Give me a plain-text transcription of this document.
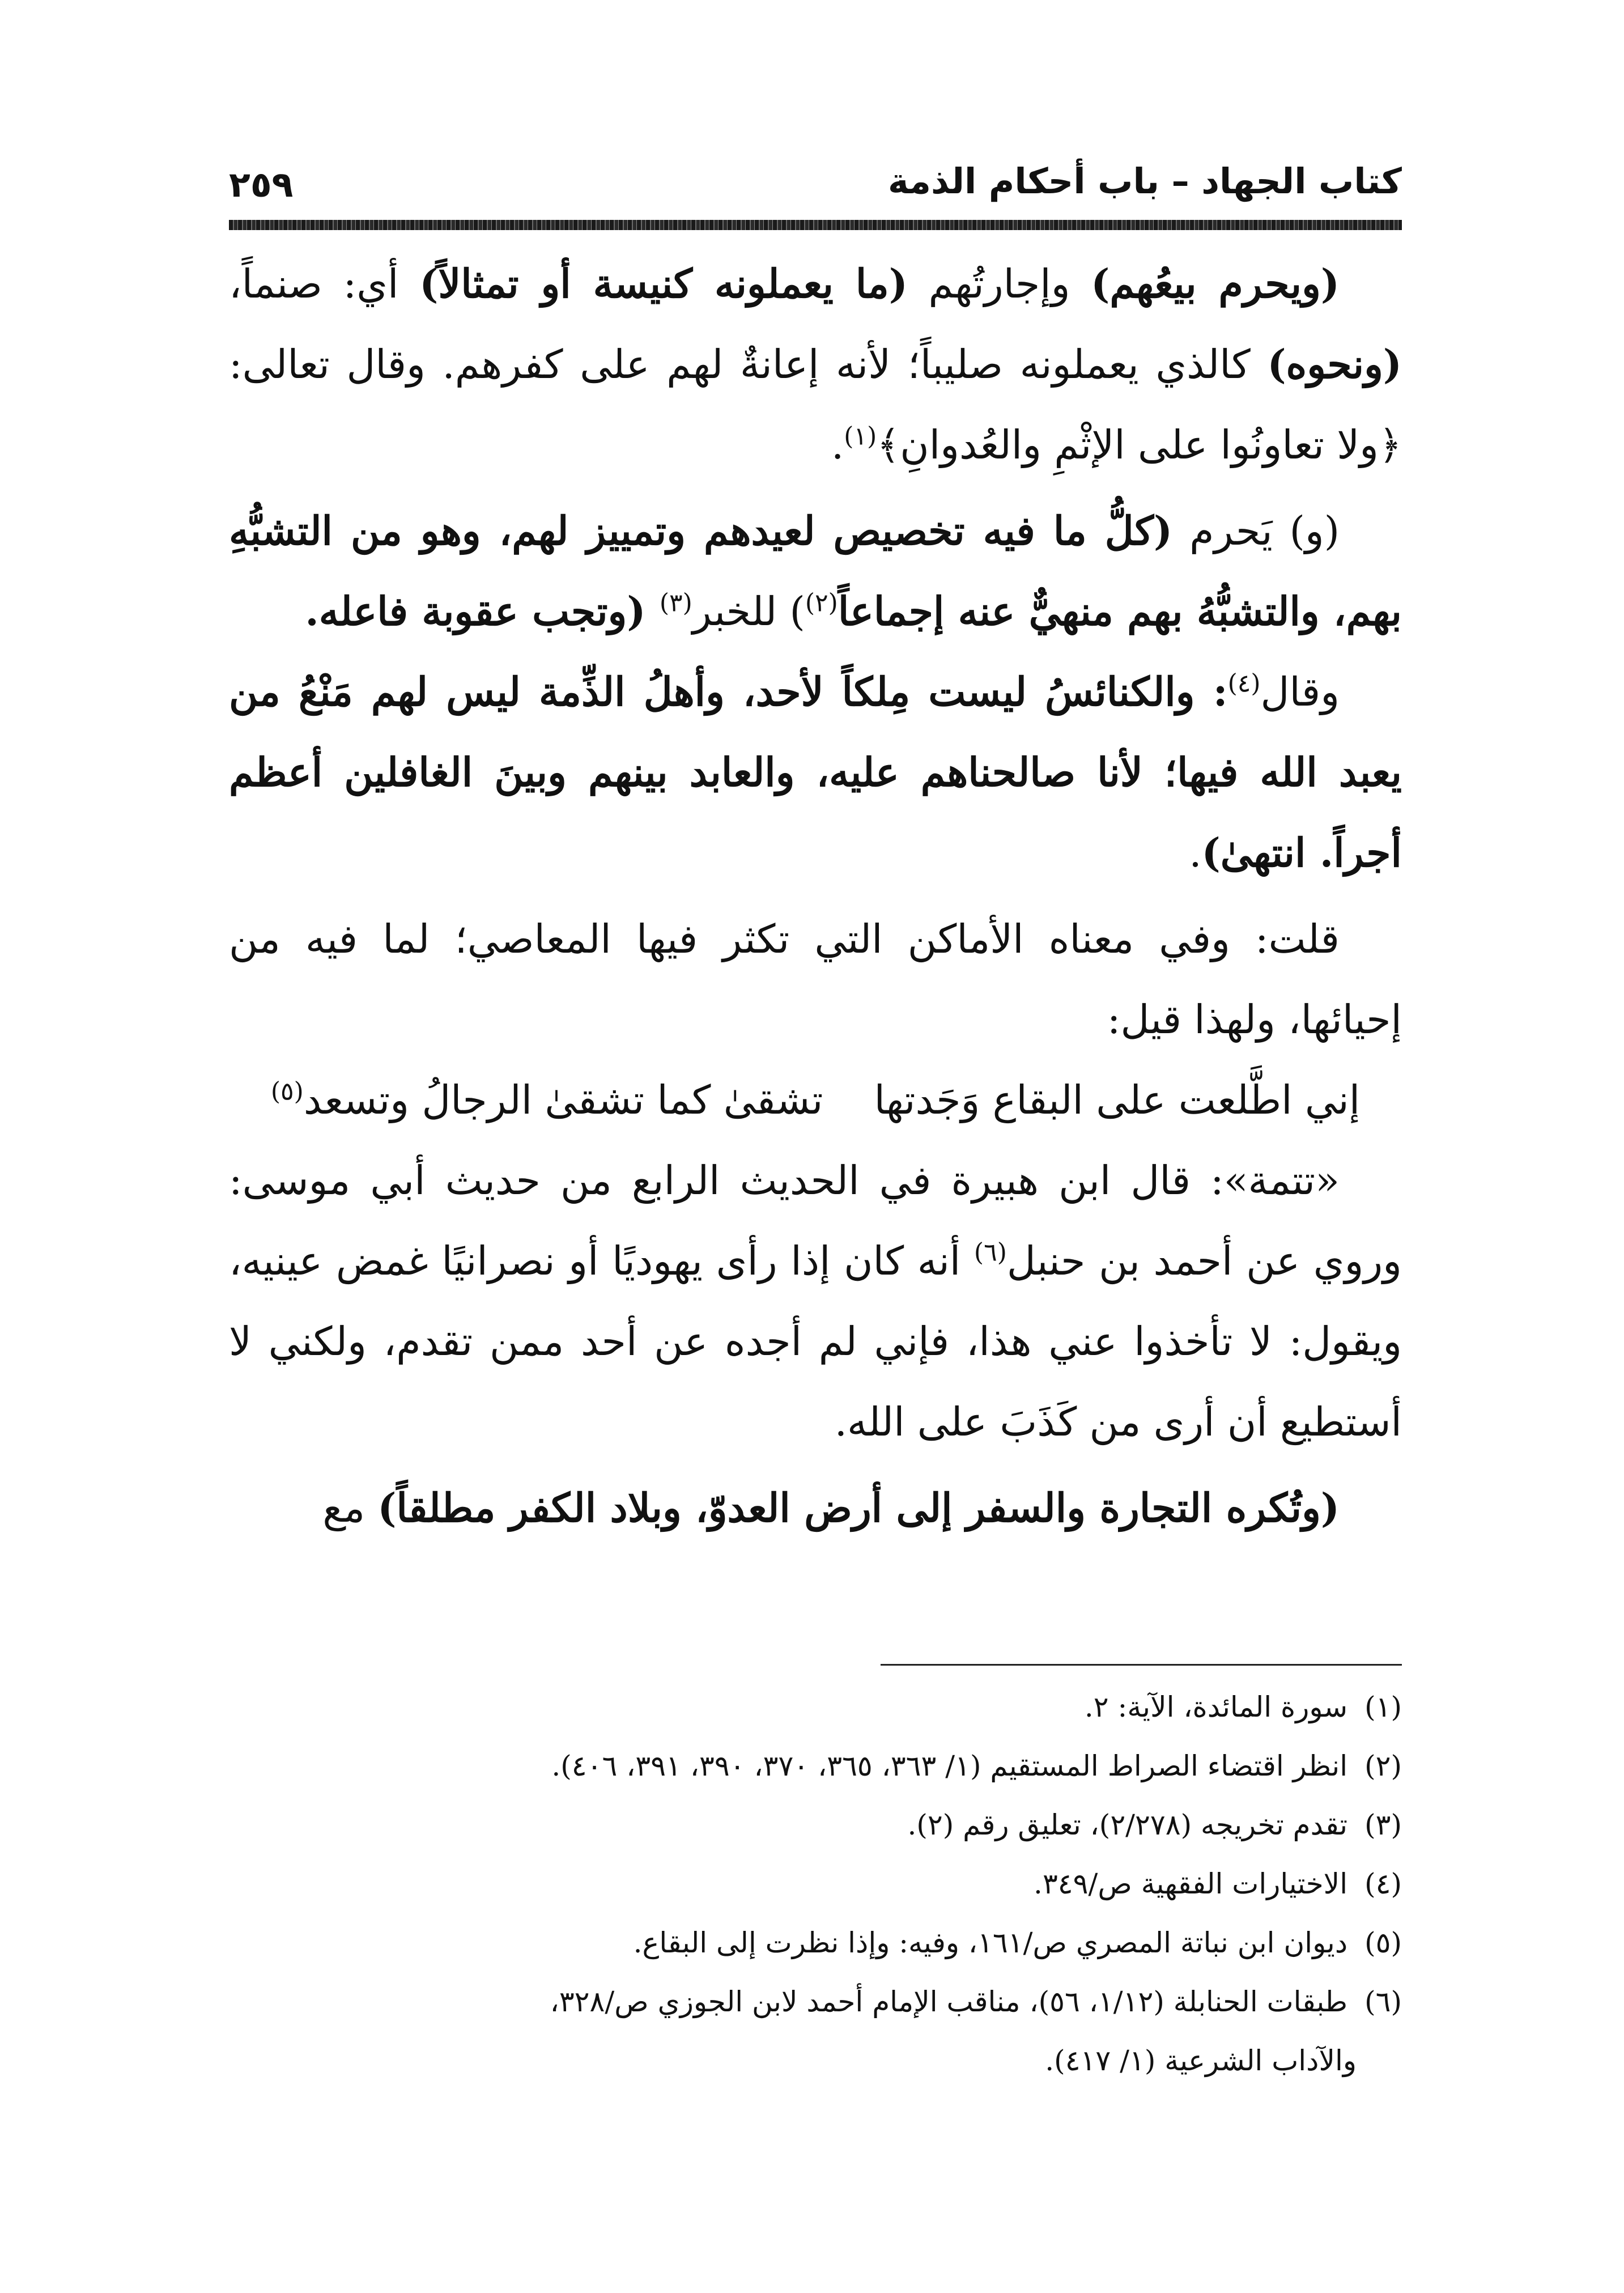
كتاب الجهاد – باب أحكام الذمة
٢٥٩

(ويحرم بيعُهم) وإجارتُهم (ما يعملونه كنيسة أو تمثالاً) أي: صنماً، (ونحوه) كالذي يعملونه صليباً؛ لأنه إعانةٌ لهم على كفرهم. وقال تعالى: ﴿ولا تعاونُوا على الإثْمِ والعُدوانِ﴾$^{(١)}$.

(و) يَحرم (كلُّ ما فيه تخصيص لعيدهم وتمييز لهم، وهو من التشبُّهِ بهم، والتشبُّهُ بهم منهيٌّ عنه إجماعاً$^{(٢)}$) للخبر$^{(٣)}$ (وتجب عقوبة فاعله.

وقال$^{(٤)}$: والكنائسُ ليست مِلكاً لأحد، وأهلُ الذِّمة ليس لهم مَنْعُ من يعبد الله فيها؛ لأنا صالحناهم عليه، والعابد بينهم وبينَ الغافلين أعظم أجراً. انتهىٰ).

قلت: وفي معناه الأماكن التي تكثر فيها المعاصي؛ لما فيه من إحيائها، ولهذا قيل:

إني اطَّلعت على البقاع وَجَدتهاتشقىٰ كما تشقىٰ الرجالُ وتسعد$^{(٥)}$

«تتمة»: قال ابن هبيرة في الحديث الرابع من حديث أبي موسى: وروي عن أحمد بن حنبل$^{(٦)}$ أنه كان إذا رأى يهوديًا أو نصرانيًا غمض عينيه، ويقول: لا تأخذوا عني هذا، فإني لم أجده عن أحد ممن تقدم، ولكني لا أستطيع أن أرى من كَذَبَ على الله.

(وتُكره التجارة والسفر إلى أرض العدوّ، وبلاد الكفر مطلقاً) مع

(١) سورة المائدة، الآية: ٢.

(٢) انظر اقتضاء الصراط المستقيم (١/ ٣٦٣، ٣٦٥، ٣٧٠، ٣٩٠، ٣٩١، ٤٠٦).

(٣) تقدم تخريجه (٢/٢٧٨)، تعليق رقم (٢).

(٤) الاختيارات الفقهية ص/٣٤٩.

(٥) ديوان ابن نباتة المصري ص/١٦١، وفيه: وإذا نظرت إلى البقاع.

(٦) طبقات الحنابلة (١/١٢، ٥٦)، مناقب الإمام أحمد لابن الجوزي ص/٣٢٨،

والآداب الشرعية (١/ ٤١٧).
